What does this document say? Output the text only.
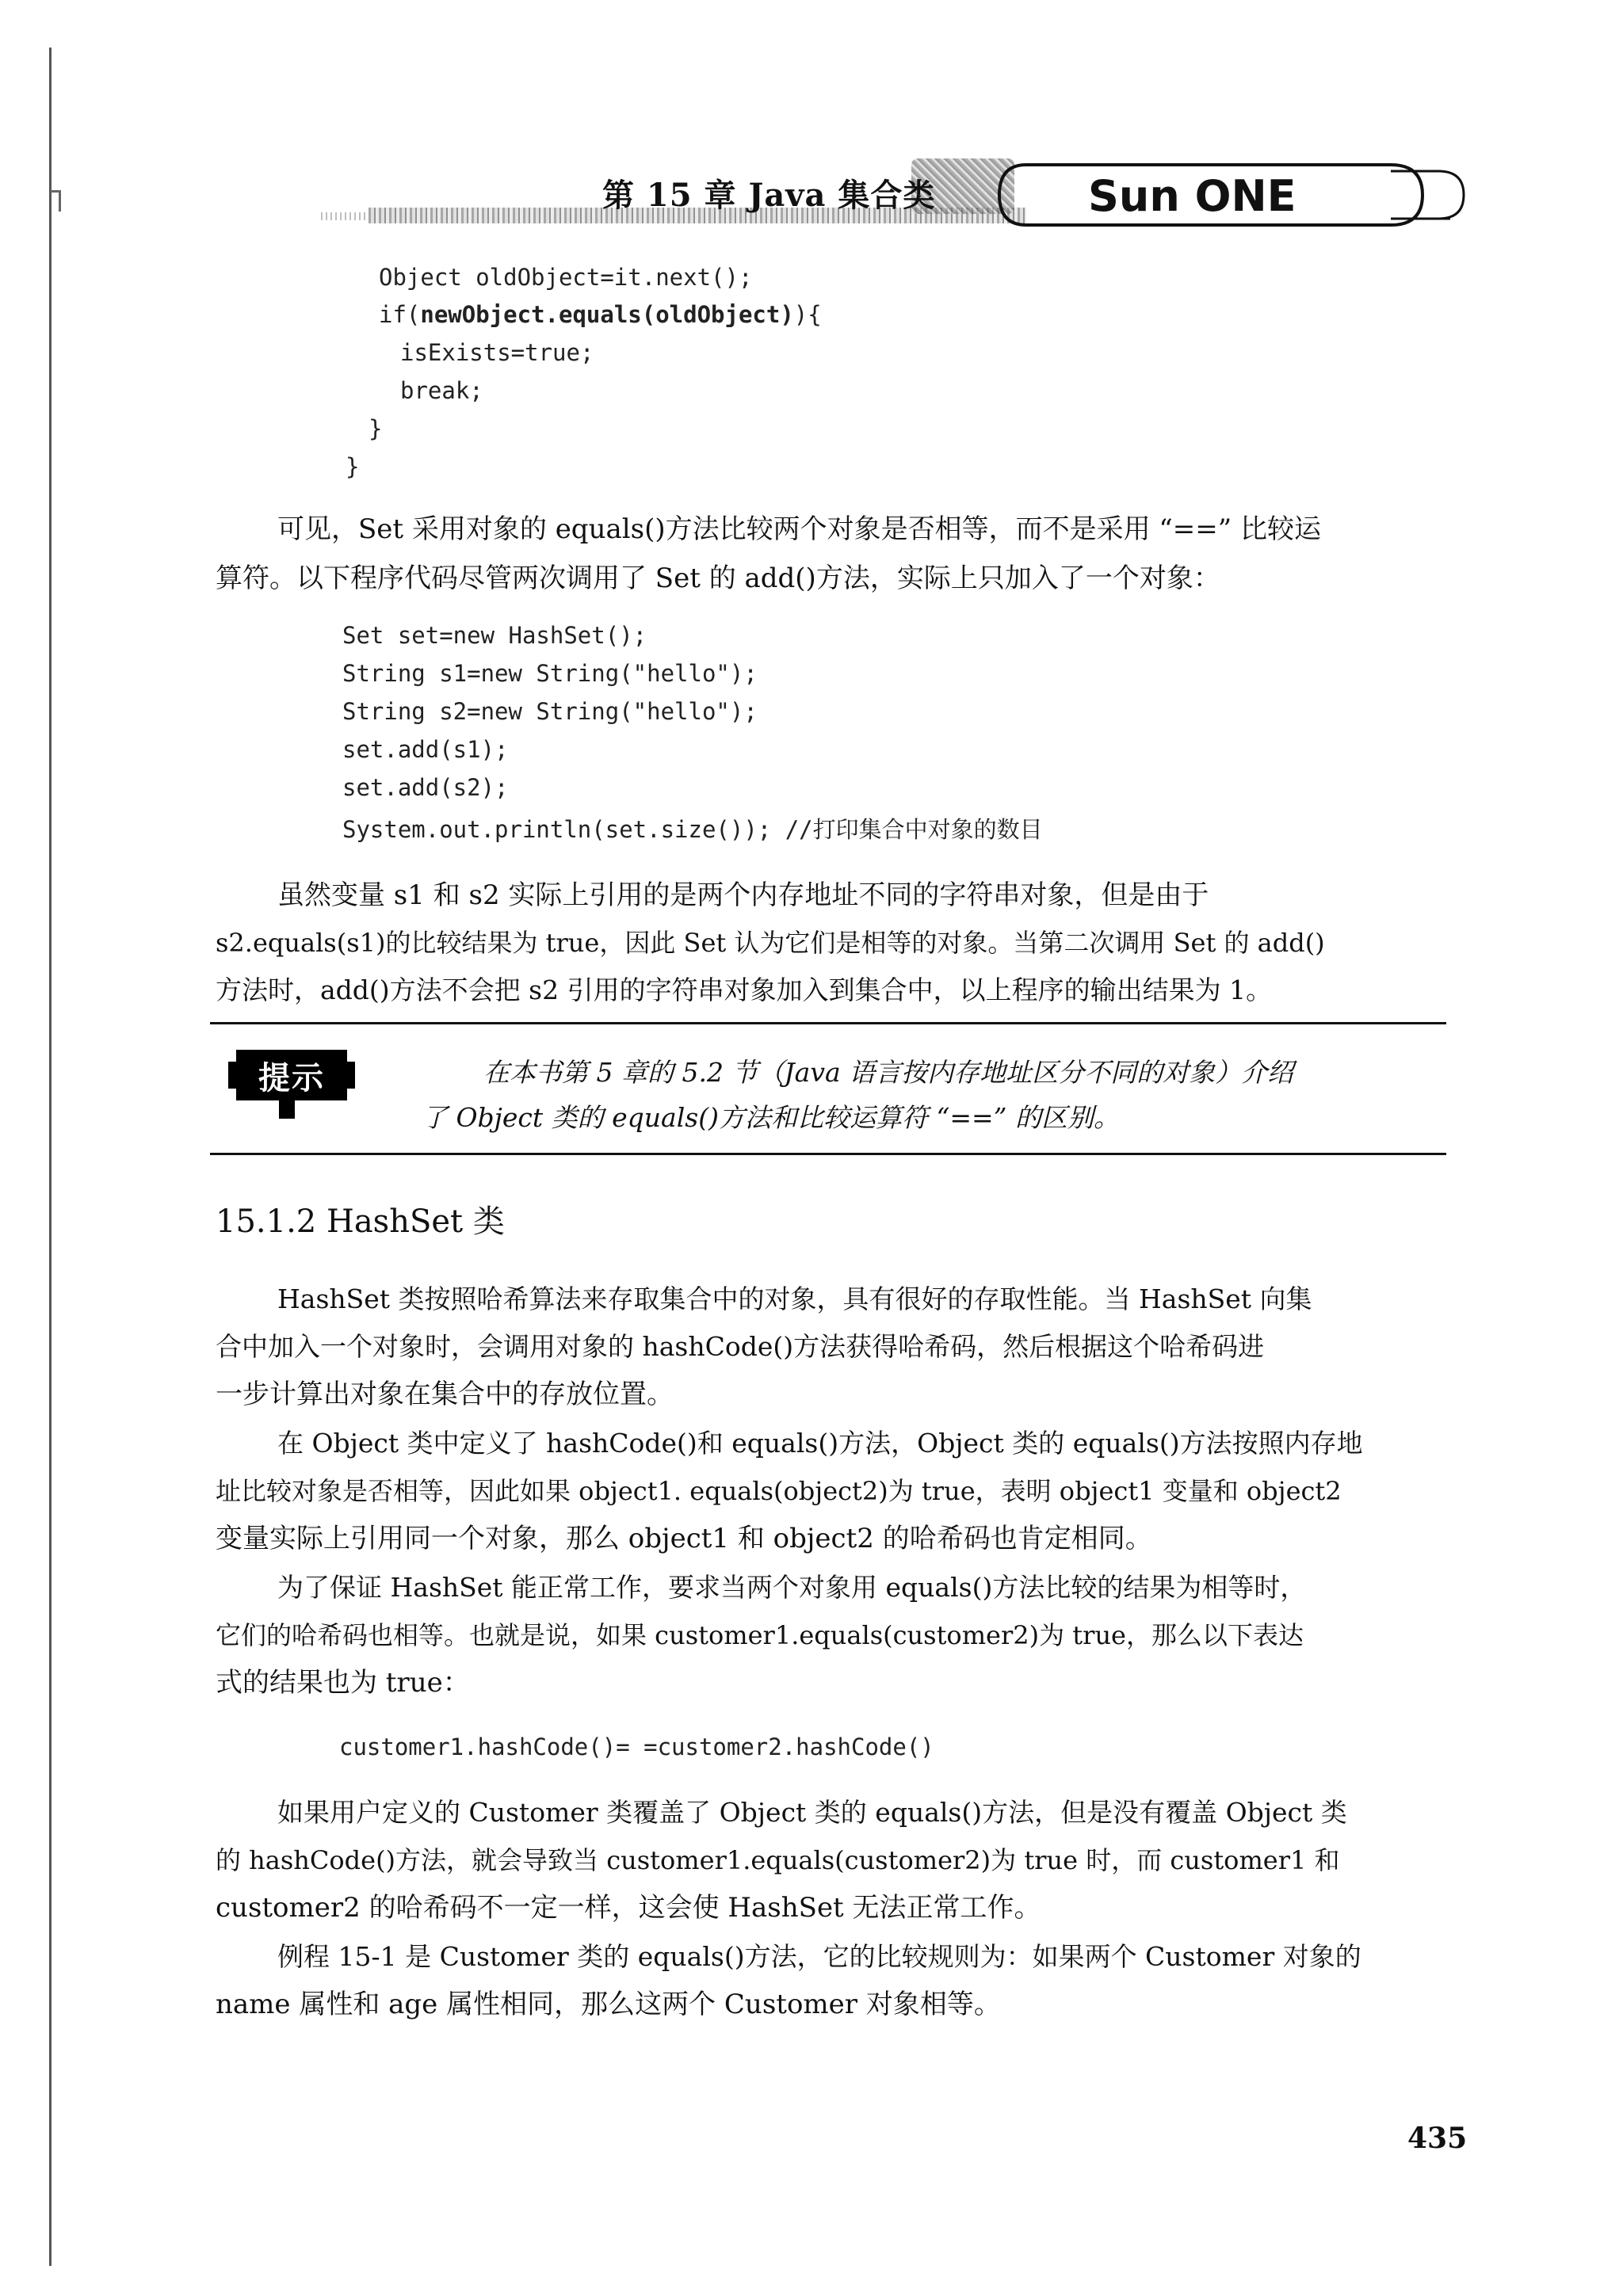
第 15 章 Java 集合类	Sun ONE
Object oldObject=it.next();
if(newObject.equals(oldObject)){
isExists=true;
break;
}
}
可见，Set 采用对象的 equals()方法比较两个对象是否相等，而不是采用 “==” 比较运
算符。以下程序代码尽管两次调用了 Set 的 add()方法，实际上只加入了一个对象：
Set set=new HashSet();
String s1=new String("hello");
String s2=new String("hello");
set.add(s1);
set.add(s2);
System.out.println(set.size()); //打印集合中对象的数目
虽然变量 s1 和 s2 实际上引用的是两个内存地址不同的字符串对象，但是由于
s2.equals(s1)的比较结果为 true，因此 Set 认为它们是相等的对象。当第二次调用 Set 的 add()
方法时，add()方法不会把 s2 引用的字符串对象加入到集合中，以上程序的输出结果为 1。
提示	在本书第 5 章的 5.2 节（Java 语言按内存地址区分不同的对象）介绍
了 Object 类的 equals()方法和比较运算符 “==” 的区别。
15.1.2 HashSet 类
HashSet 类按照哈希算法来存取集合中的对象，具有很好的存取性能。当 HashSet 向集
合中加入一个对象时，会调用对象的 hashCode()方法获得哈希码，然后根据这个哈希码进
一步计算出对象在集合中的存放位置。
在 Object 类中定义了 hashCode()和 equals()方法，Object 类的 equals()方法按照内存地
址比较对象是否相等，因此如果 object1. equals(object2)为 true，表明 object1 变量和 object2
变量实际上引用同一个对象，那么 object1 和 object2 的哈希码也肯定相同。
为了保证 HashSet 能正常工作，要求当两个对象用 equals()方法比较的结果为相等时，
它们的哈希码也相等。也就是说，如果 customer1.equals(customer2)为 true，那么以下表达
式的结果也为 true：
customer1.hashCode()= =customer2.hashCode()
如果用户定义的 Customer 类覆盖了 Object 类的 equals()方法，但是没有覆盖 Object 类
的 hashCode()方法，就会导致当 customer1.equals(customer2)为 true 时，而 customer1 和
customer2 的哈希码不一定一样，这会使 HashSet 无法正常工作。
例程 15-1 是 Customer 类的 equals()方法，它的比较规则为：如果两个 Customer 对象的
name 属性和 age 属性相同，那么这两个 Customer 对象相等。
435
